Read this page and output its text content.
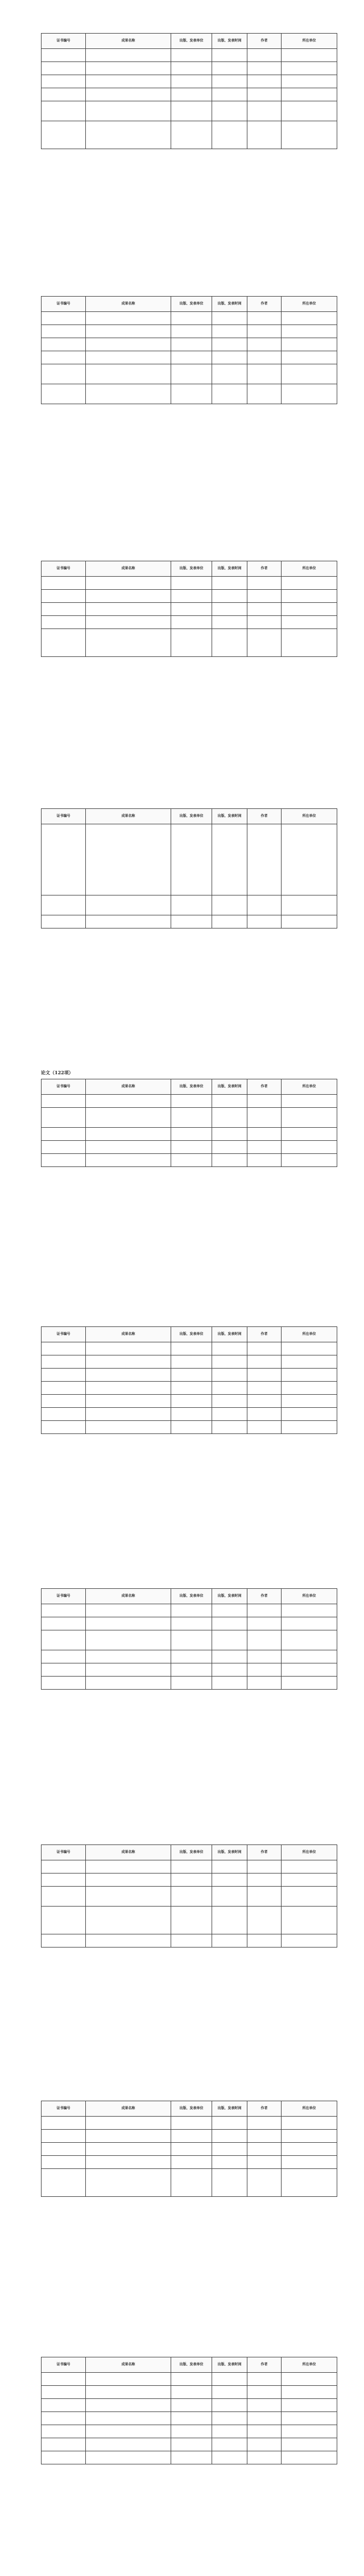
证书编号	成果名称	出版、发表单位	出版、发表时间	作者	所在单位

证书编号	成果名称	出版、发表单位	出版、发表时间	作者	所在单位

证书编号	成果名称	出版、发表单位	出版、发表时间	作者	所在单位

证书编号	成果名称	出版、发表单位	出版、发表时间	作者	所在单位

论文（122项）
证书编号	成果名称	出版、发表单位	出版、发表时间	作者	所在单位

证书编号	成果名称	出版、发表单位	出版、发表时间	作者	所在单位

证书编号	成果名称	出版、发表单位	出版、发表时间	作者	所在单位

证书编号	成果名称	出版、发表单位	出版、发表时间	作者	所在单位

证书编号	成果名称	出版、发表单位	出版、发表时间	作者	所在单位

证书编号	成果名称	出版、发表单位	出版、发表时间	作者	所在单位
